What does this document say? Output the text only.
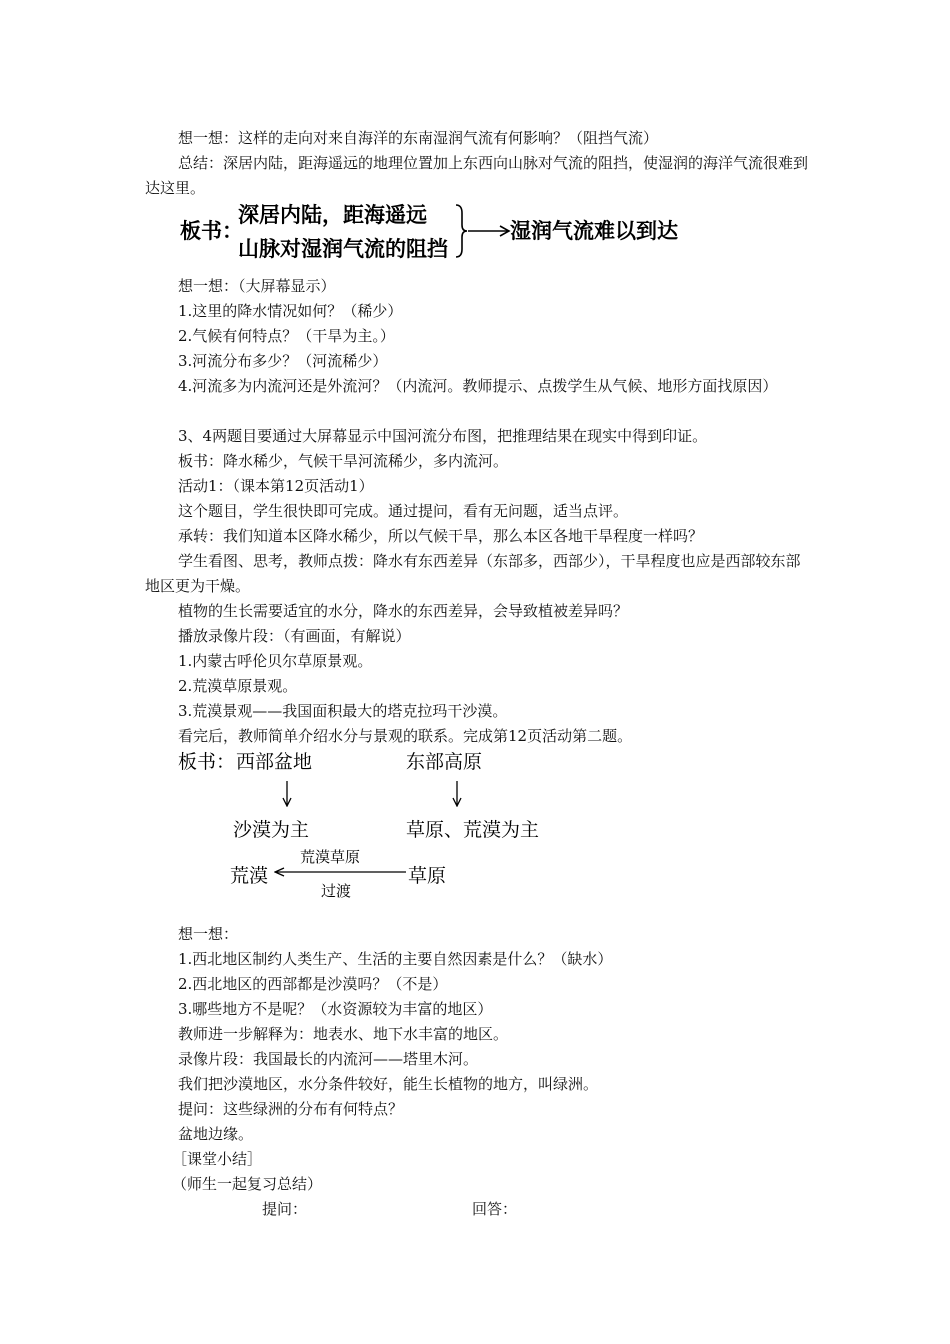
想一想：这样的走向对来自海洋的东南湿润气流有何影响？（阻挡气流）
总结：深居内陆，距海遥远的地理位置加上东西向山脉对气流的阻挡，使湿润的海洋气流很难到达这里。
板书：
深居内陆，距海遥远
山脉对湿润气流的阻挡
湿润气流难以到达
想一想：（大屏幕显示）
1.这里的降水情况如何？（稀少）
2.气候有何特点？（干旱为主。）
3.河流分布多少？（河流稀少）
4.河流多为内流河还是外流河？（内流河。教师提示、点拨学生从气候、地形方面找原因）
3、4两题目要通过大屏幕显示中国河流分布图，把推理结果在现实中得到印证。
板书：降水稀少，气候干旱河流稀少，多内流河。
活动1：（课本第12页活动1）
这个题目，学生很快即可完成。通过提问，看有无问题，适当点评。
承转：我们知道本区降水稀少，所以气候干旱，那么本区各地干旱程度一样吗？
学生看图、思考，教师点拨：降水有东西差异（东部多，西部少），干旱程度也应是西部较东部地区更为干燥。
植物的生长需要适宜的水分，降水的东西差异，会导致植被差异吗？
播放录像片段：（有画面，有解说）
1.内蒙古呼伦贝尔草原景观。
2.荒漠草原景观。
3.荒漠景观——我国面积最大的塔克拉玛干沙漠。
看完后，教师简单介绍水分与景观的联系。完成第12页活动第二题。
板书： 西部盆地	东部高原
沙漠为主	草原、荒漠为主
荒漠
荒漠草原
过渡
草原
想一想：
1.西北地区制约人类生产、生活的主要自然因素是什么？（缺水）
2.西北地区的西部都是沙漠吗？（不是）
3.哪些地方不是呢？（水资源较为丰富的地区）
教师进一步解释为：地表水、地下水丰富的地区。
录像片段：我国最长的内流河——塔里木河。
我们把沙漠地区，水分条件较好，能生长植物的地方，叫绿洲。
提问：这些绿洲的分布有何特点？
盆地边缘。
［课堂小结］
（师生一起复习总结）
提问：	回答：
